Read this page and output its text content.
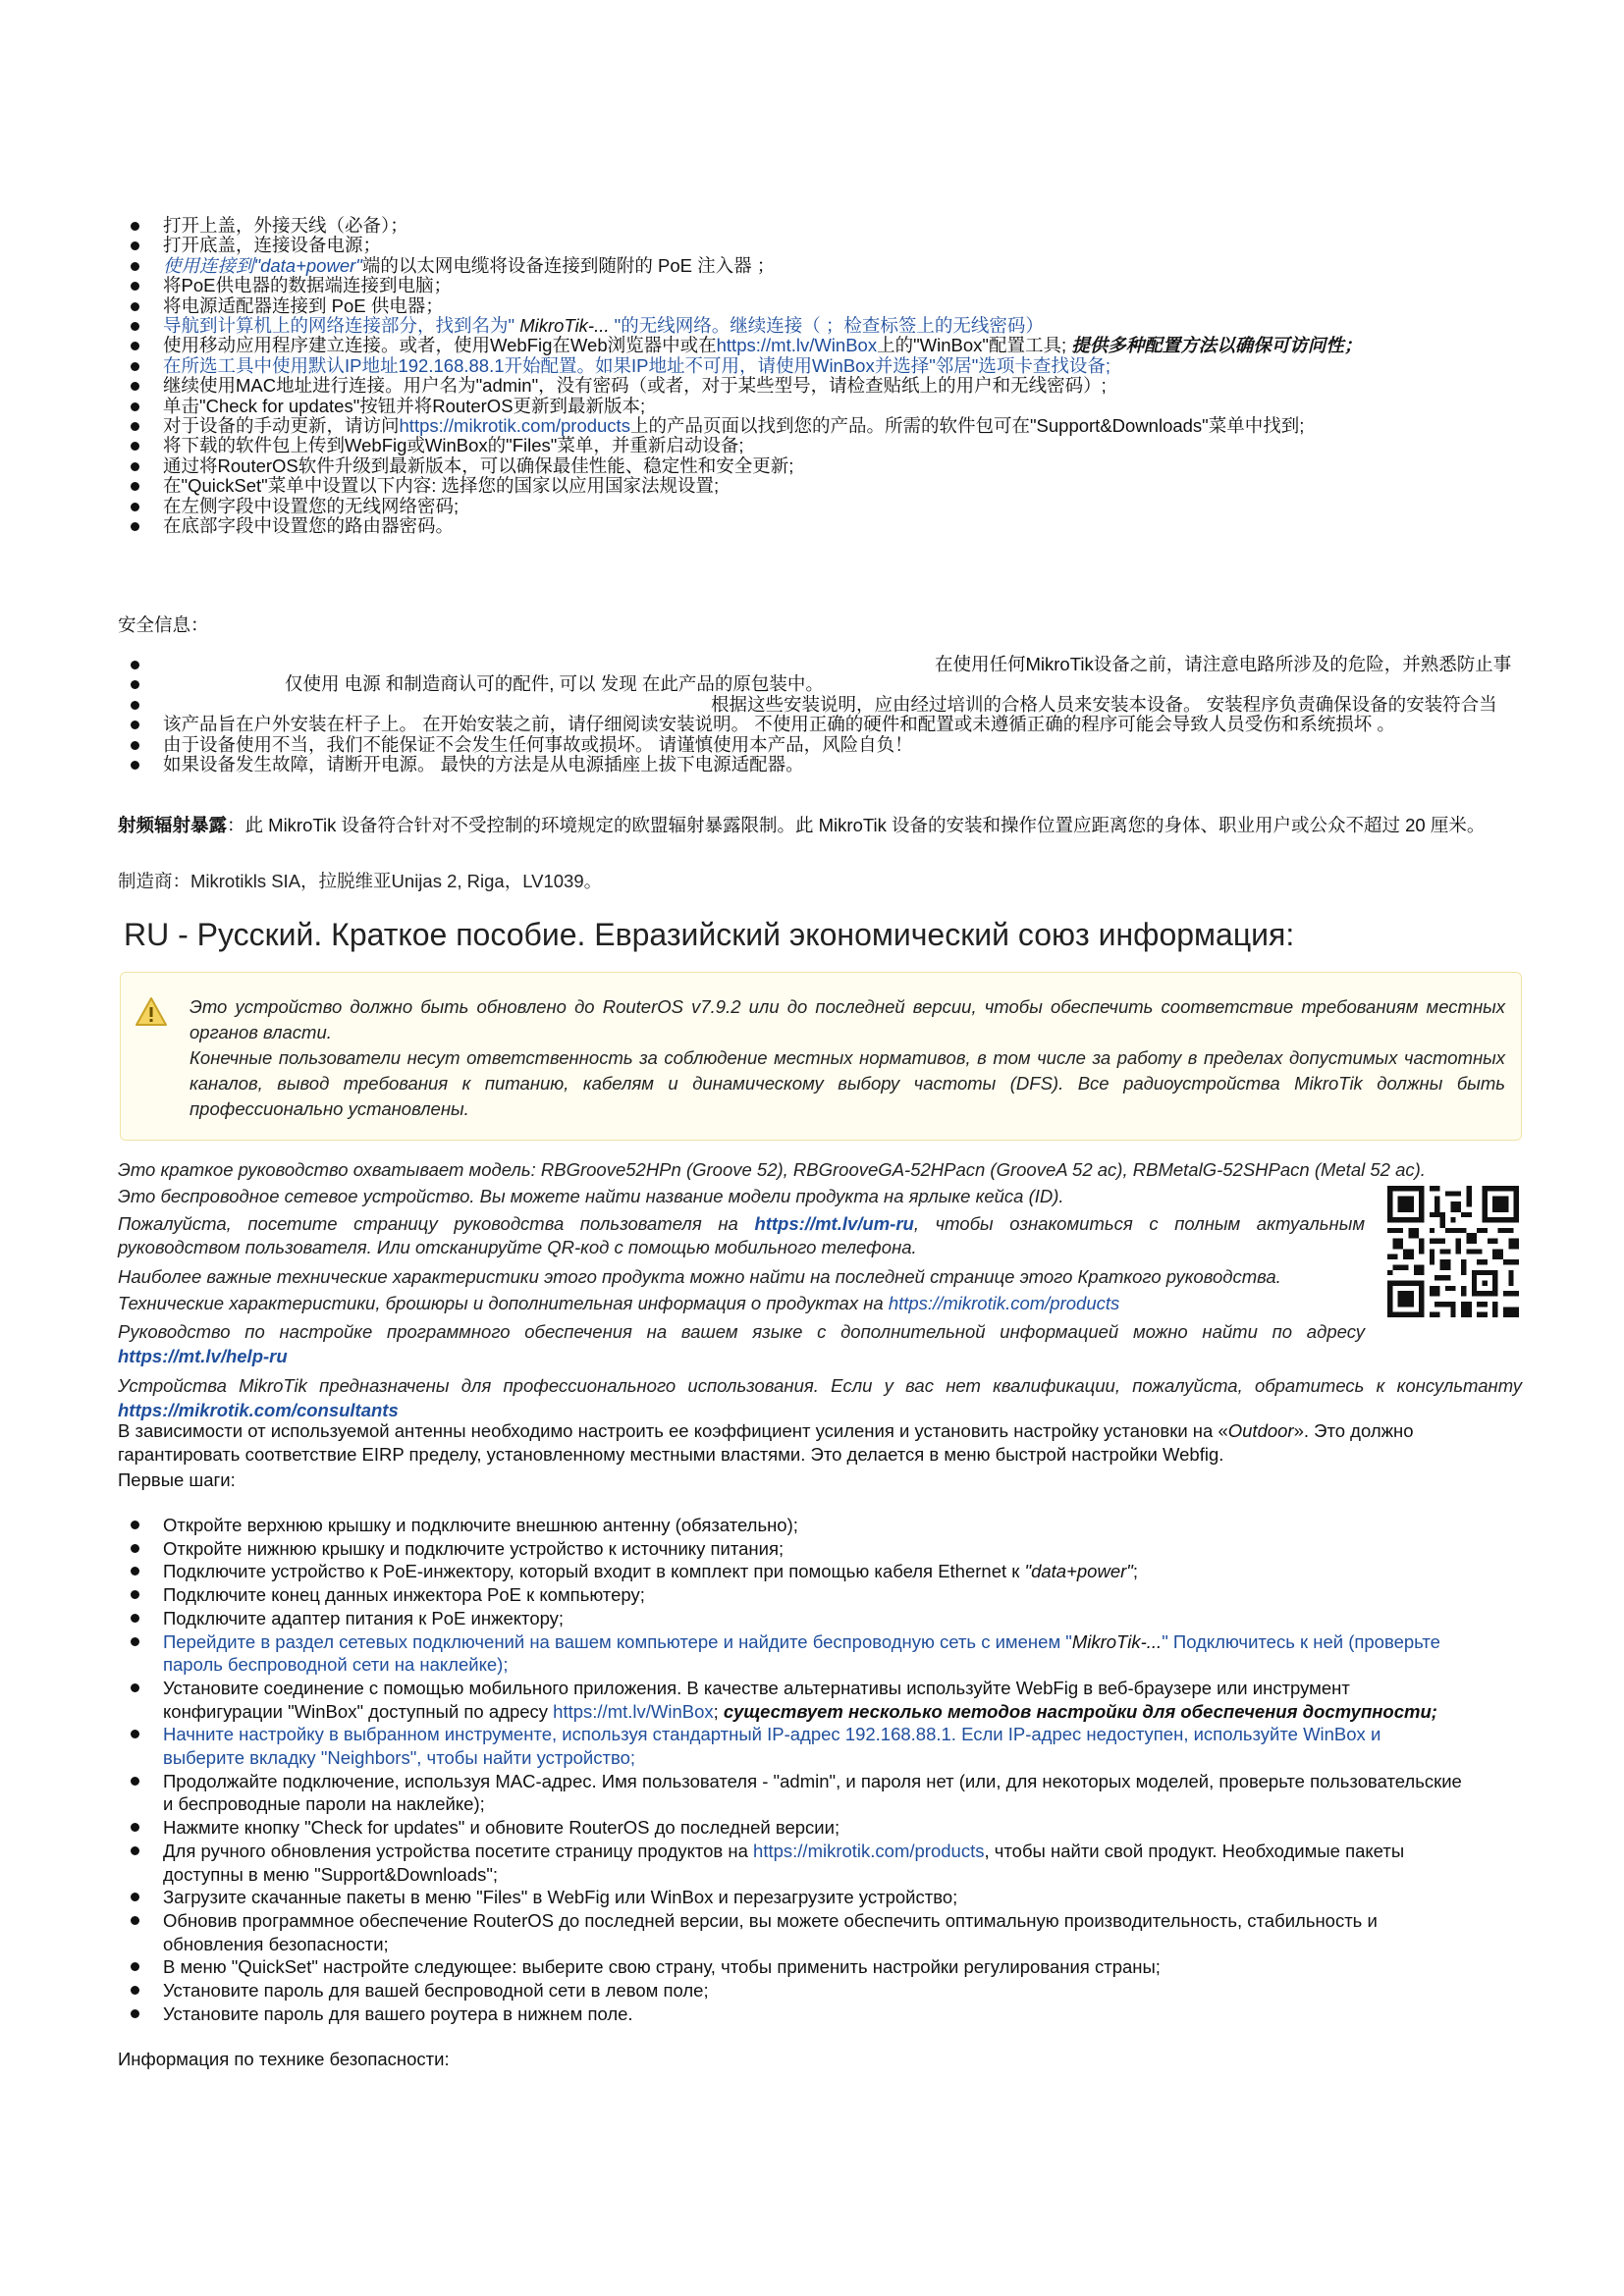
打开上盖，外接天线（必备）；
打开底盖，连接设备电源；
使用连接到"data+power"端的以太网电缆将设备连接到随附的 PoE 注入器 ；
将PoE供电器的数据端连接到电脑；
将电源适配器连接到 PoE 供电器；
导航到计算机上的网络连接部分，找到名为" MikroTik-... "的无线网络。继续连接（ ；检查标签上的无线密码）
使用移动应用程序建立连接。或者，使用WebFig在Web浏览器中或在https://mt.lv/WinBox上的"WinBox"配置工具; 提供多种配置方法以确保可访问性；
在所选工具中使用默认IP地址192.168.88.1开始配置。如果IP地址不可用，请使用WinBox并选择"邻居"选项卡查找设备;
继续使用MAC地址进行连接。用户名为"admin"，没有密码（或者，对于某些型号，请检查贴纸上的用户和无线密码）;
单击"Check for updates"按钮并将RouterOS更新到最新版本;
对于设备的手动更新，请访问https://mikrotik.com/products上的产品页面以找到您的产品。所需的软件包可在"Support&Downloads"菜单中找到;
将下载的软件包上传到WebFig或WinBox的"Files"菜单，并重新启动设备;
通过将RouterOS软件升级到最新版本，可以确保最佳性能、稳定性和安全更新;
在"QuickSet"菜单中设置以下内容: 选择您的国家以应用国家法规设置;
在左侧字段中设置您的无线网络密码;
在底部字段中设置您的路由器密码。
安全信息：
在使用任何MikroTik设备之前，请注意电路所涉及的危险，并熟悉防止事
仅使用 电源 和制造商认可的配件, 可以 发现 在此产品的原包装中。
根据这些安装说明，应由经过培训的合格人员来安装本设备。 安装程序负责确保设备的安装符合当
该产品旨在户外安装在杆子上。 在开始安装之前，请仔细阅读安装说明。 不使用正确的硬件和配置或未遵循正确的程序可能会导致人员受伤和系统损坏 。
由于设备使用不当，我们不能保证不会发生任何事故或损坏。 请谨慎使用本产品，风险自负！
如果设备发生故障，请断开电源。 最快的方法是从电源插座上拔下电源适配器。
射频辐射暴露：此 MikroTik 设备符合针对不受控制的环境规定的欧盟辐射暴露限制。此 MikroTik 设备的安装和操作位置应距离您的身体、职业用户或公众不超过 20 厘米。
制造商：Mikrotikls SIA，拉脱维亚Unijas 2, Riga，LV1039。
RU - Русский. Краткое пособие. Евразийский экономический союз информация:

Это устройство должно быть обновлено до RouterOS v7.9.2 или до последней версии, чтобы обеспечить соответствие требованиям местных органов власти.

Конечные пользователи несут ответственность за соблюдение местных нормативов, в том числе за работу в пределах допустимых частотных каналов, вывод требования к питанию, кабелям и динамическому выбору частоты (DFS). Все радиоустройства MikroTik должны быть профессионально установлены.

Это краткое руководство охватывает модель: RBGroove52HPn (Groove 52), RBGrooveGA-52HPacn (GrooveA 52 ac), RBMetalG-52SHPacn (Metal 52 ac).

Это беспроводное сетевое устройство. Вы можете найти название модели продукта на ярлыке кейса (ID).

Пожалуйста, посетите страницу руководства пользователя на https://mt.lv/um-ru, чтобы ознакомиться с полным актуальным руководством пользователя. Или отсканируйте QR-код с помощью мобильного телефона.

Наиболее важные технические характеристики этого продукта можно найти на последней странице этого Краткого руководства.

Технические характеристики, брошюры и дополнительная информация о продуктах на https://mikrotik.com/products

Руководство по настройке программного обеспечения на вашем языке с дополнительной информацией можно найти по адресу https://mt.lv/help-ru

Устройства MikroTik предназначены для профессионального использования. Если у вас нет квалификации, пожалуйста, обратитесь к консультанту https://mikrotik.com/consultants

В зависимости от используемой антенны необходимо настроить ее коэффициент усиления и установить настройку установки на «Outdoor». Это должно гарантировать соответствие EIRP пределу, установленному местными властями. Это делается в меню быстрой настройки Webfig.

Первые шаги:

Откройте верхнюю крышку и подключите внешнюю антенну (обязательно);
Откройте нижнюю крышку и подключите устройство к источнику питания;
Подключите устройство к PoE-инжектору, который входит в комплект при помощью кабеля Ethernet к "data+power";
Подключите конец данных инжектора PoE к компьютеру;
Подключите адаптер питания к PoE инжектору;
Перейдите в раздел сетевых подключений на вашем компьютере и найдите беспроводную сеть с именем "MikroTik-..." Подключитесь к ней (проверьте пароль беспроводной сети на наклейке);
Установите соединение с помощью мобильного приложения. В качестве альтернативы используйте WebFig в веб-браузере или инструмент конфигурации "WinBox" доступный по адресу https://mt.lv/WinBox; существует несколько методов настройки для обеспечения доступности;
Начните настройку в выбранном инструменте, используя стандартный IP-адрес 192.168.88.1. Если IP-адрес недоступен, используйте WinBox и выберите вкладку "Neighbors", чтобы найти устройство;
Продолжайте подключение, используя MAC-адрес. Имя пользователя - "admin", и пароля нет (или, для некоторых моделей, проверьте пользовательские и беспроводные пароли на наклейке);
Нажмите кнопку "Check for updates" и обновите RouterOS до последней версии;
Для ручного обновления устройства посетите страницу продуктов на https://mikrotik.com/products, чтобы найти свой продукт. Необходимые пакеты доступны в меню "Support&Downloads";
Загрузите скачанные пакеты в меню "Files" в WebFig или WinBox и перезагрузите устройство;
Обновив программное обеспечение RouterOS до последней версии, вы можете обеспечить оптимальную производительность, стабильность и обновления безопасности;
В меню "QuickSet" настройте следующее: выберите свою страну, чтобы применить настройки регулирования страны;
Установите пароль для вашей беспроводной сети в левом поле;
Установите пароль для вашего роутера в нижнем поле.
Информация по технике безопасности:
